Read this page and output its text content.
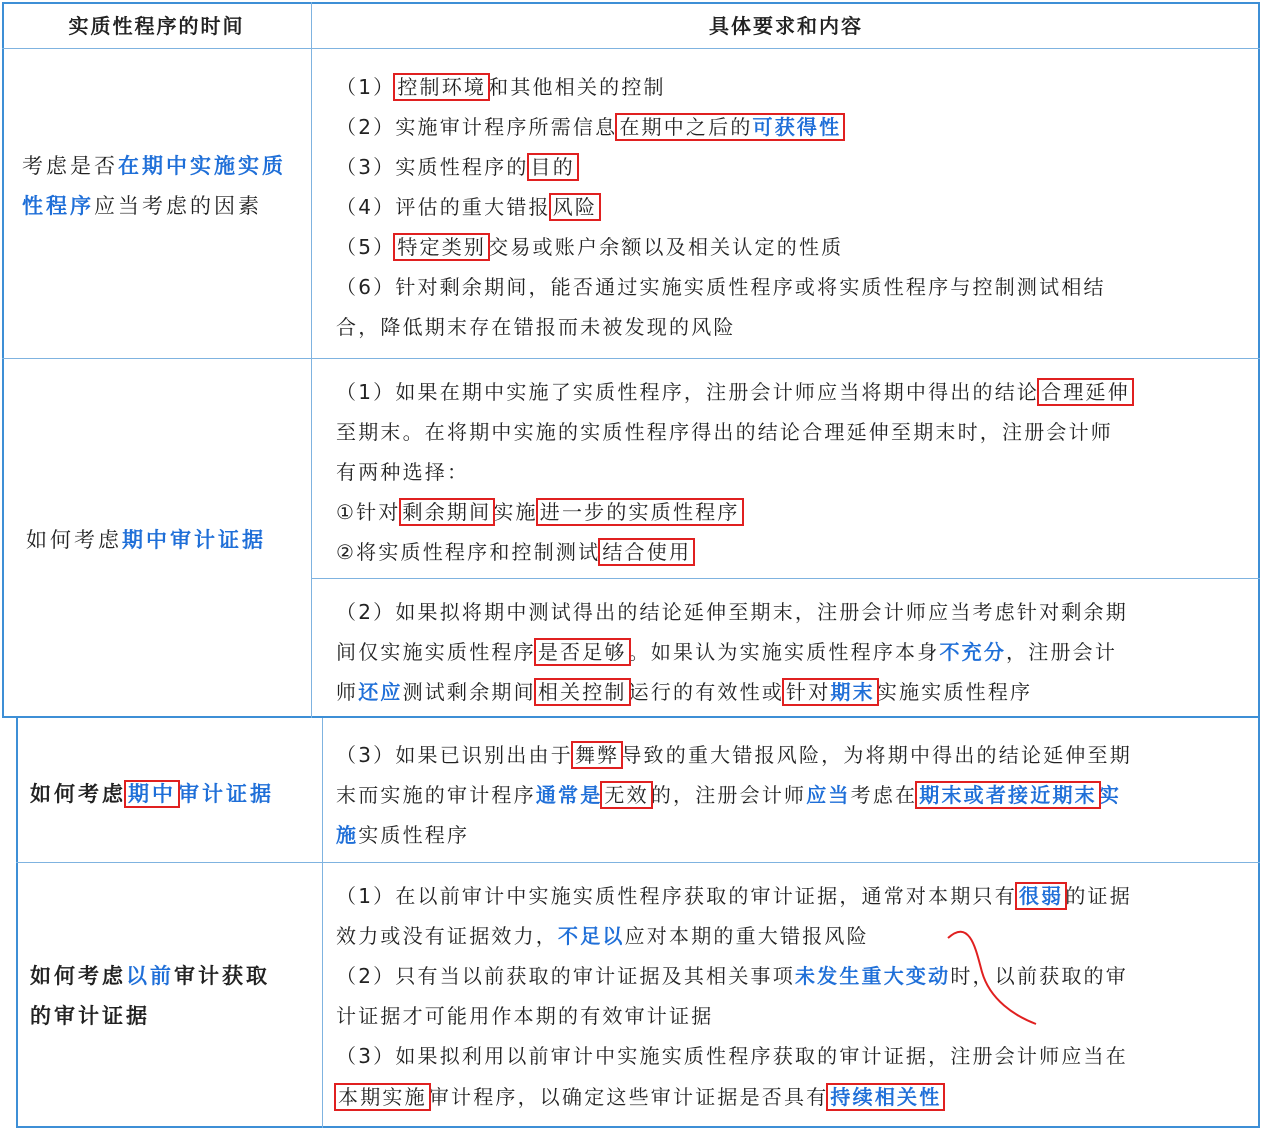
实质性程序的时间	具体要求和内容
考虑是否在期中实施实质性程序应当考虑的因素
（1） 控制环境 和其他相关的控制
（2）实施审计程序所需信息 在期中之后的可获得性
（3）实质性程序的 目的
（4）评估的重大错报 风险
（5） 特定类别 交易或账户余额以及相关认定的性质
（6）针对剩余期间，能否通过实施实质性程序或将实质性程序与控制测试相结
合，降低期末存在错报而未被发现的风险
如何考虑期中审计证据
（1）如果在期中实施了实质性程序，注册会计师应当将期中得出的结论 合理延伸
至期末。在将期中实施的实质性程序得出的结论合理延伸至期末时，注册会计师
有两种选择：
①针对 剩余期间 实施 进一步的实质性程序
②将实质性程序和控制测试 结合使用
（2）如果拟将期中测试得出的结论延伸至期末，注册会计师应当考虑针对剩余期
间仅实施实质性程序 是否足够 。如果认为实施实质性程序本身不充分，注册会计
师还应测试剩余期间 相关控制 运行的有效性或 针对期末 实施实质性程序
如何考虑期中审计证据
（3）如果已识别出由于 舞弊 导致的重大错报风险，为将期中得出的结论延伸至期
末而实施的审计程序通常是 无效 的，注册会计师应当考虑在 期末或者接近期末 实
施实质性程序
如何考虑以前审计获取
的审计证据
（1）在以前审计中实施实质性程序获取的审计证据，通常对本期只有 很弱 的证据
效力或没有证据效力，不足以应对本期的重大错报风险
（2）只有当以前获取的审计证据及其相关事项未发生重大变动时，以前获取的审
计证据才可能用作本期的有效审计证据
（3）如果拟利用以前审计中实施实质性程序获取的审计证据，注册会计师应当在
本期实施 审计程序，以确定这些审计证据是否具有 持续相关性
